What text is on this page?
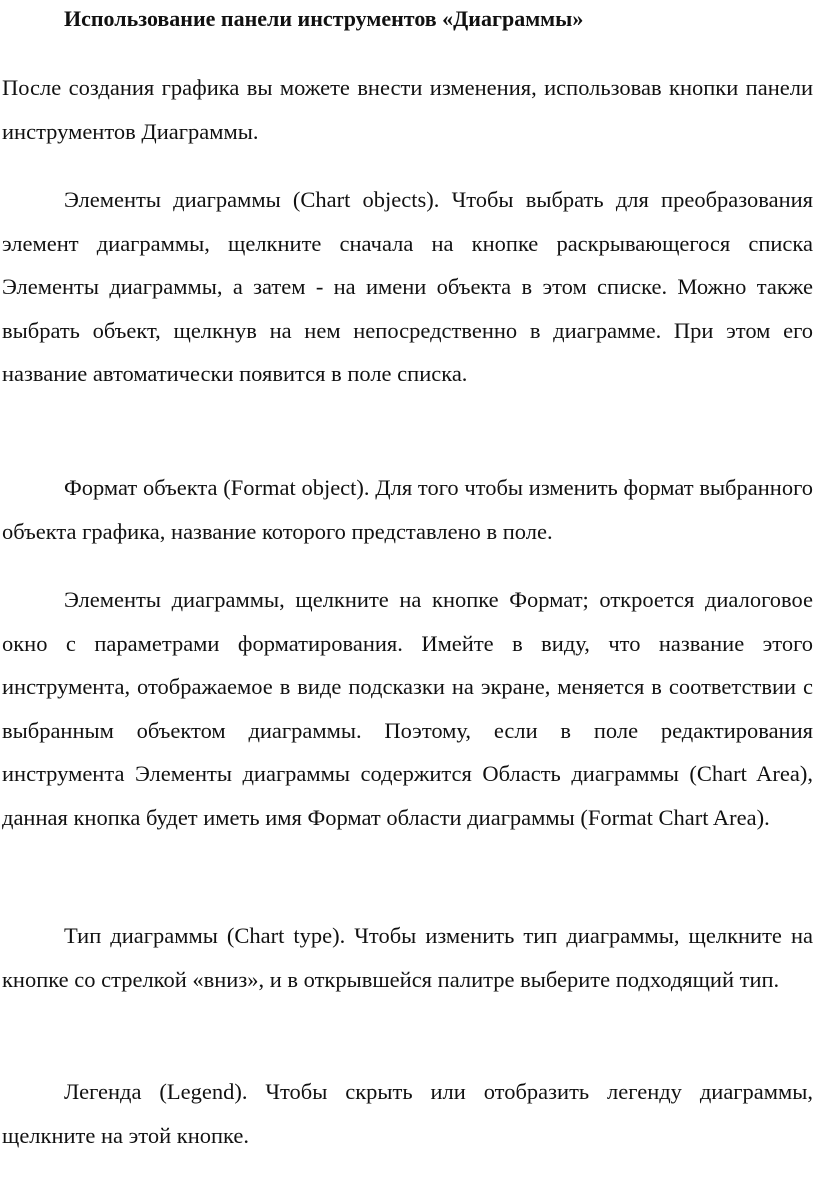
Использование панели инструментов «Диаграммы»

После создания графика вы можете внести изменения, использовав кнопки панели инструментов Диаграммы.

Элементы диаграммы (Chart objects). Чтобы выбрать для преобразования элемент диаграммы, щелкните сначала на кнопке раскрывающегося списка Элементы диаграммы, а затем - на имени объекта в этом списке. Можно также выбрать объект, щелкнув на нем непосредственно в диаграмме. При этом его название автоматически появится в поле списка.

Формат объекта (Format object). Для того чтобы изменить формат выбранного объекта графика, название которого представлено в поле.

Элементы диаграммы, щелкните на кнопке Формат; откроется диалоговое окно с параметрами форматирования. Имейте в виду, что название этого инструмента, отображаемое в виде подсказки на экране, меняется в соответствии с выбранным объектом диаграммы. Поэтому, если в поле редактирования инструмента Элементы диаграммы содержится Область диаграммы (Chart Area), данная кнопка будет иметь имя Формат области диаграммы (Format Chart Area).

Тип диаграммы (Chart type). Чтобы изменить тип диаграммы, щелкните на кнопке со стрелкой «вниз», и в открывшейся палитре выберите подходящий тип.

Легенда (Legend). Чтобы скрыть или отобразить легенду диаграммы, щелкните на этой кнопке.
